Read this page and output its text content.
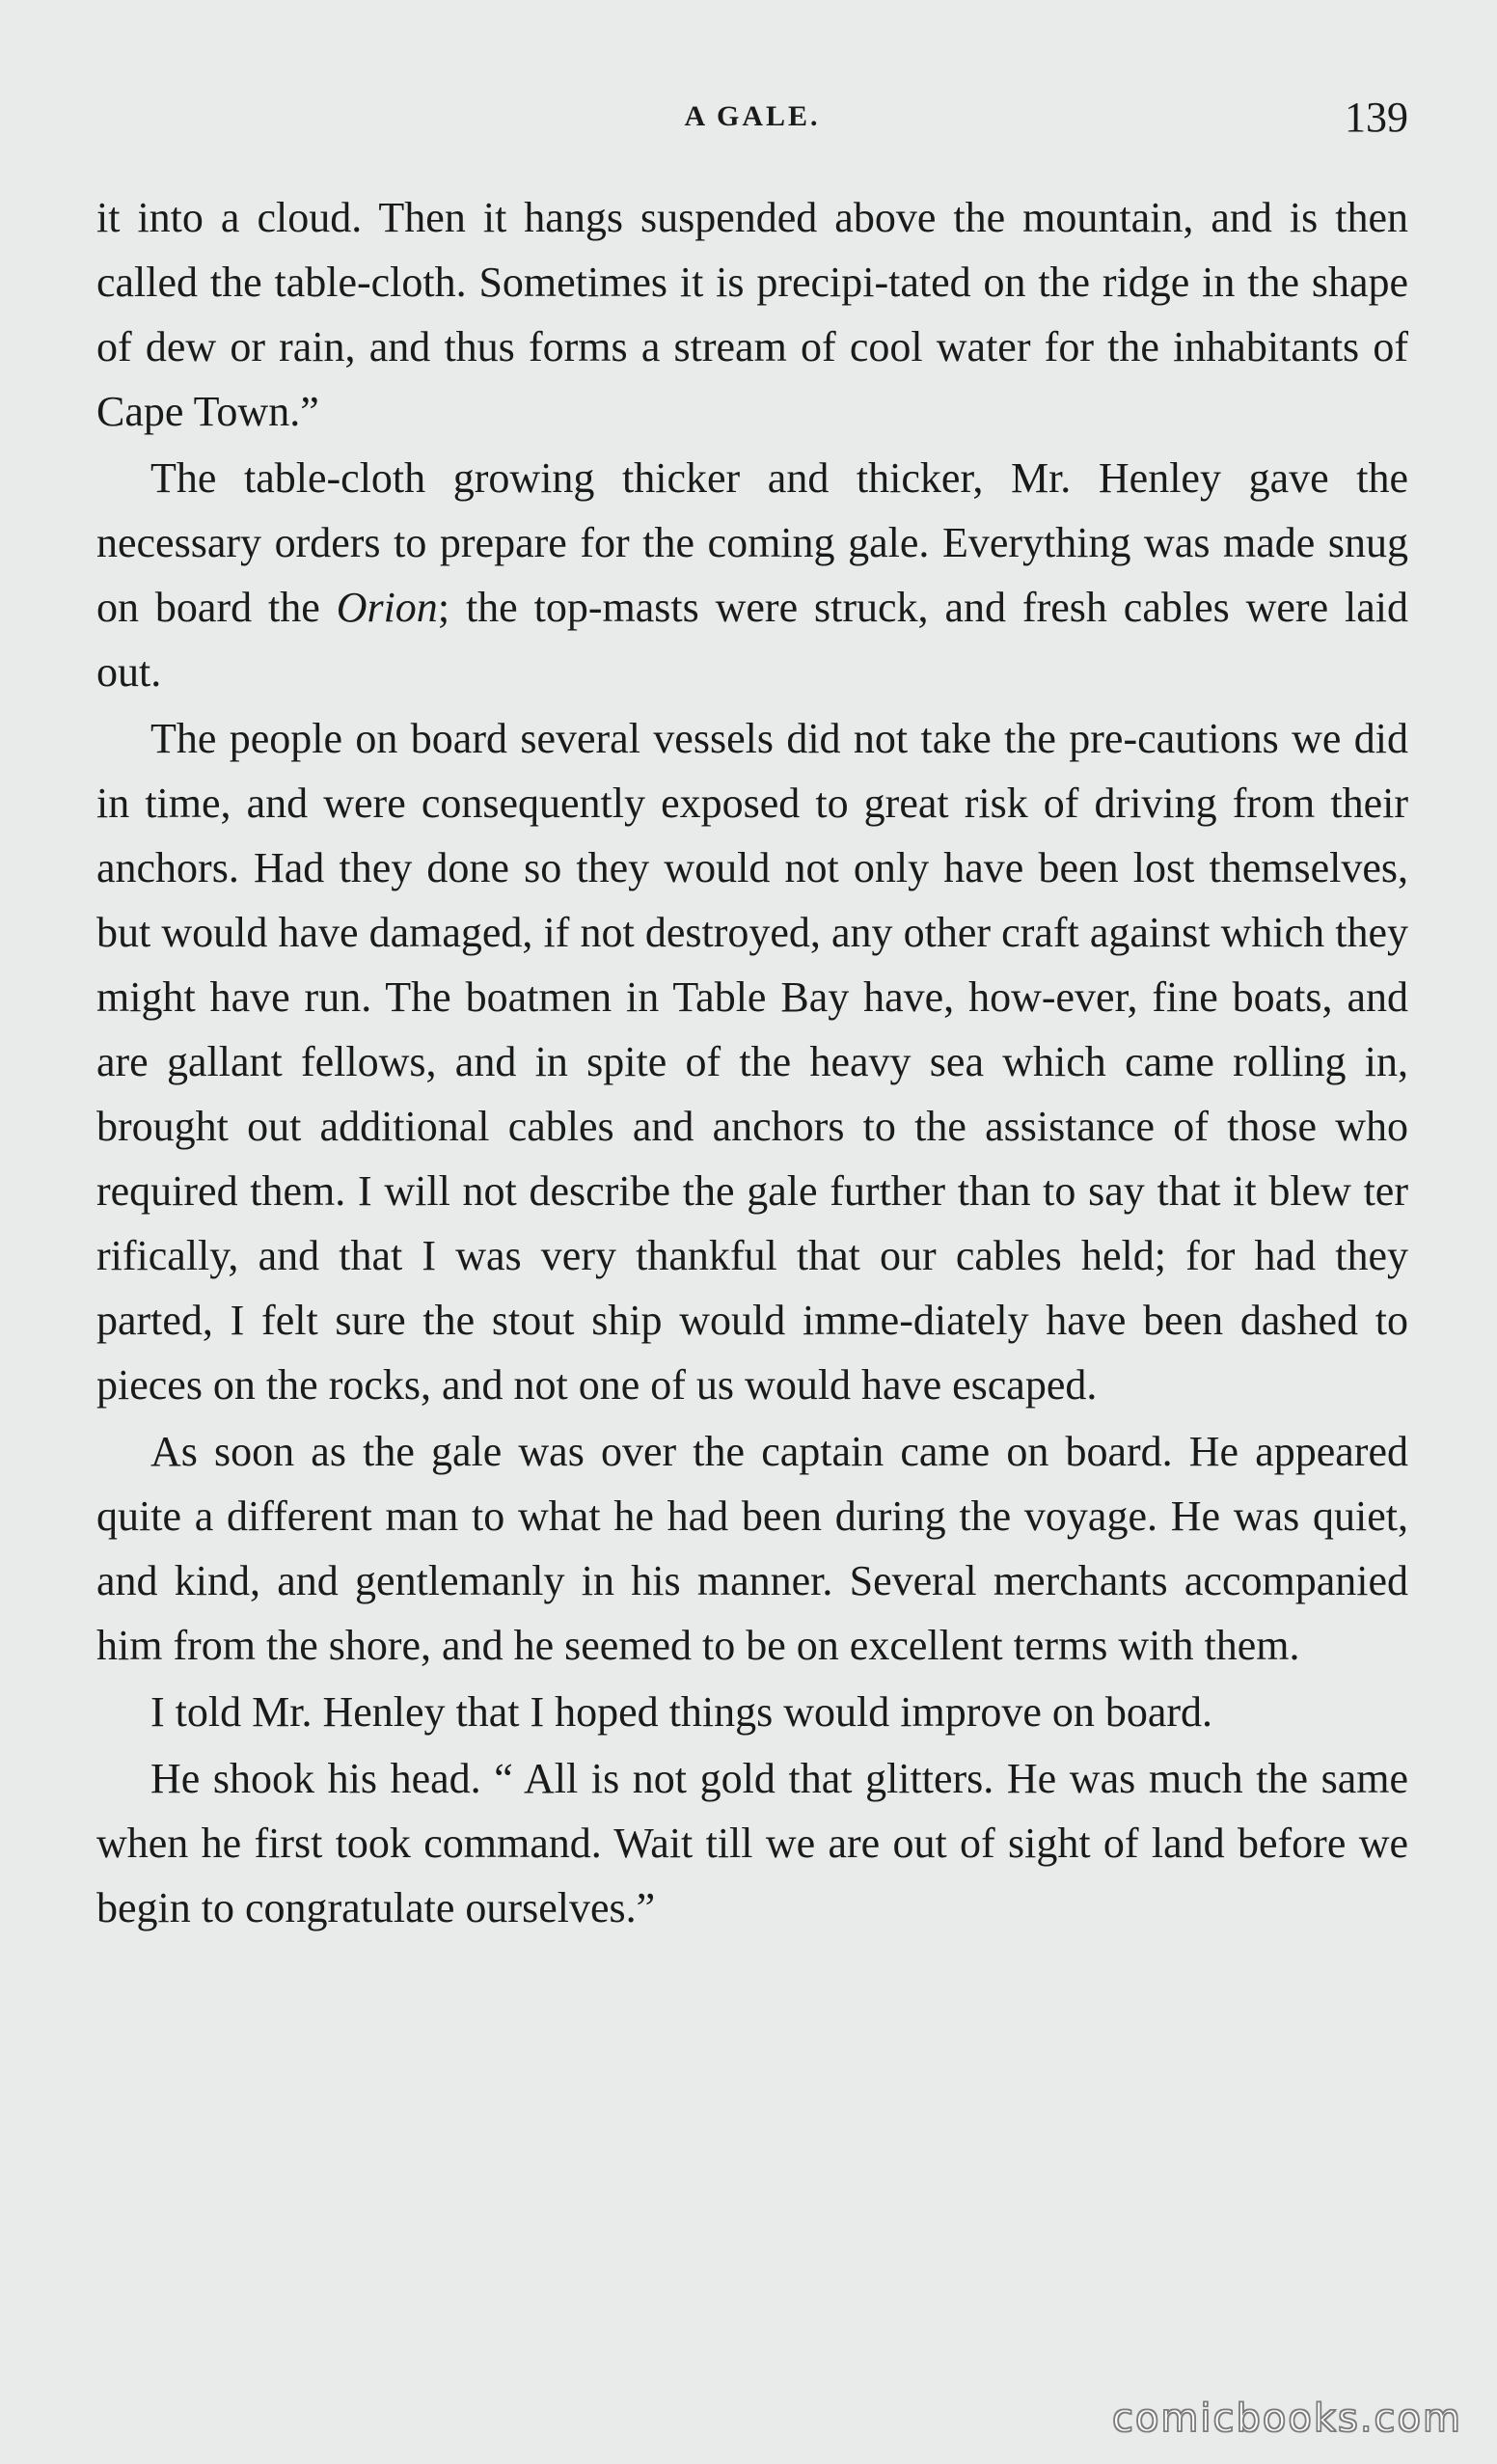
A GALE.	139

it into a cloud. Then it hangs suspended above the mountain, and is then called the table-cloth. Sometimes it is precipi-tated on the ridge in the shape of dew or rain, and thus forms a stream of cool water for the inhabitants of Cape Town.”

The table-cloth growing thicker and thicker, Mr. Henley gave the necessary orders to prepare for the coming gale. Everything was made snug on board the Orion; the top-masts were struck, and fresh cables were laid out.

The people on board several vessels did not take the pre-cautions we did in time, and were consequently exposed to great risk of driving from their anchors. Had they done so they would not only have been lost themselves, but would have damaged, if not destroyed, any other craft against which they might have run. The boatmen in Table Bay have, how-ever, fine boats, and are gallant fellows, and in spite of the heavy sea which came rolling in, brought out additional cables and anchors to the assistance of those who required them. I will not describe the gale further than to say that it blew ter rifically, and that I was very thankful that our cables held; for had they parted, I felt sure the stout ship would imme-diately have been dashed to pieces on the rocks, and not one of us would have escaped.

As soon as the gale was over the captain came on board. He appeared quite a different man to what he had been during the voyage. He was quiet, and kind, and gentlemanly in his manner. Several merchants accompanied him from the shore, and he seemed to be on excellent terms with them.

I told Mr. Henley that I hoped things would improve on board.

He shook his head. “ All is not gold that glitters. He was much the same when he first took command. Wait till we are out of sight of land before we begin to congratulate ourselves.”

comicbooks.com
